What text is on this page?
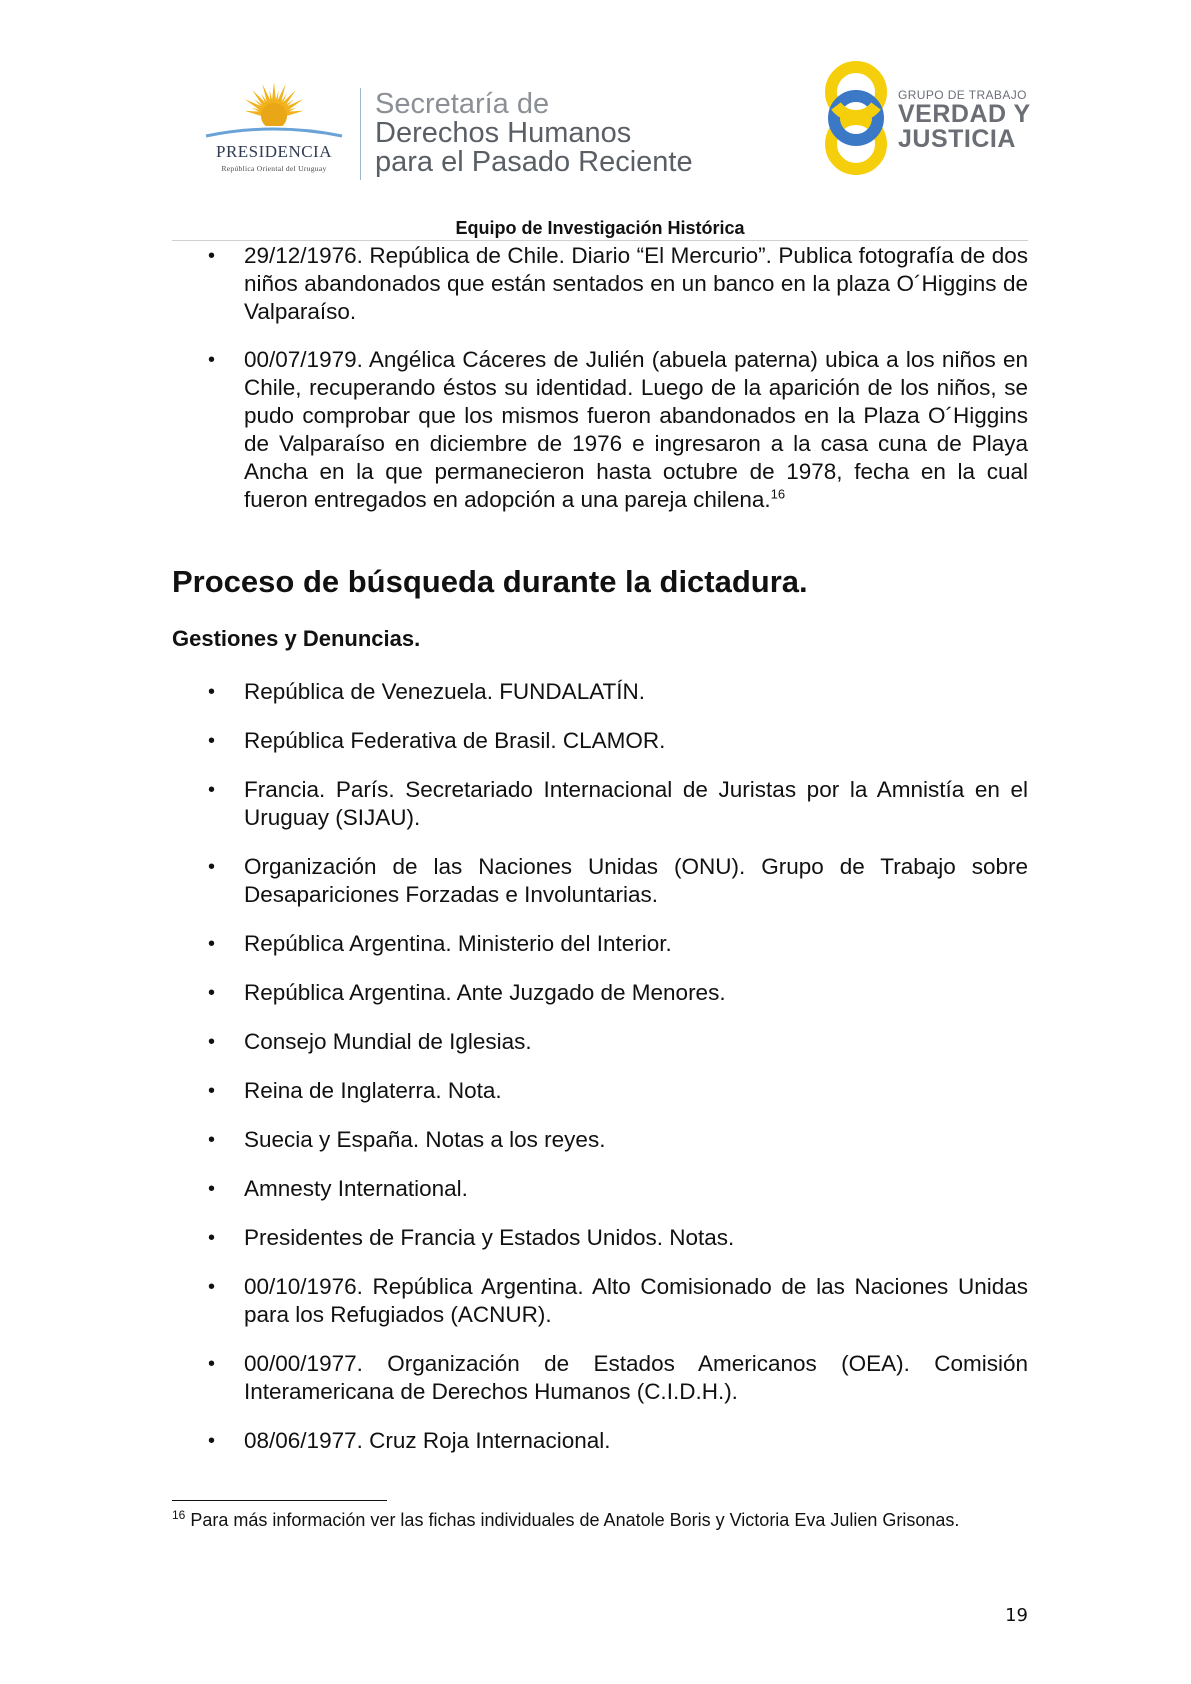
PRESIDENCIA
República Oriental del Uruguay
Secretaría de
Derechos Humanos
para el Pasado Reciente
GRUPO DE TRABAJO
VERDAD Y
JUSTICIA
Equipo de Investigación Histórica
• 29/12/1976. República de Chile. Diario “El Mercurio”. Publica fotografía de dos niños abandonados que están sentados en un banco en la plaza O´Higgins de Valparaíso.
• 00/07/1979. Angélica Cáceres de Julién (abuela paterna) ubica a los niños en Chile, recuperando éstos su identidad. Luego de la aparición de los niños, se pudo comprobar que los mismos fueron abandonados en la Plaza O´Higgins de Valparaíso en diciembre de 1976 e ingresaron a la casa cuna de Playa Ancha en la que permanecieron hasta octubre de 1978, fecha en la cual fueron entregados en adopción a una pareja chilena.$^{16}$
Proceso de búsqueda durante la dictadura.
Gestiones y Denuncias.
• República de Venezuela. FUNDALATÍN.
• República Federativa de Brasil. CLAMOR.
• Francia. París. Secretariado Internacional de Juristas por la Amnistía en el Uruguay (SIJAU).
• Organización de las Naciones Unidas (ONU). Grupo de Trabajo sobre Desapariciones Forzadas e Involuntarias.
• República Argentina. Ministerio del Interior.
• República Argentina. Ante Juzgado de Menores.
• Consejo Mundial de Iglesias.
• Reina de Inglaterra. Nota.
• Suecia y España. Notas a los reyes.
• Amnesty International.
• Presidentes de Francia y Estados Unidos. Notas.
• 00/10/1976. República Argentina. Alto Comisionado de las Naciones Unidas para los Refugiados (ACNUR).
• 00/00/1977. Organización de Estados Americanos (OEA). Comisión Interamericana de Derechos Humanos (C.I.D.H.).
• 08/06/1977. Cruz Roja Internacional.
$^{16}$ Para más información ver las fichas individuales de Anatole Boris y Victoria Eva Julien Grisonas.
19
